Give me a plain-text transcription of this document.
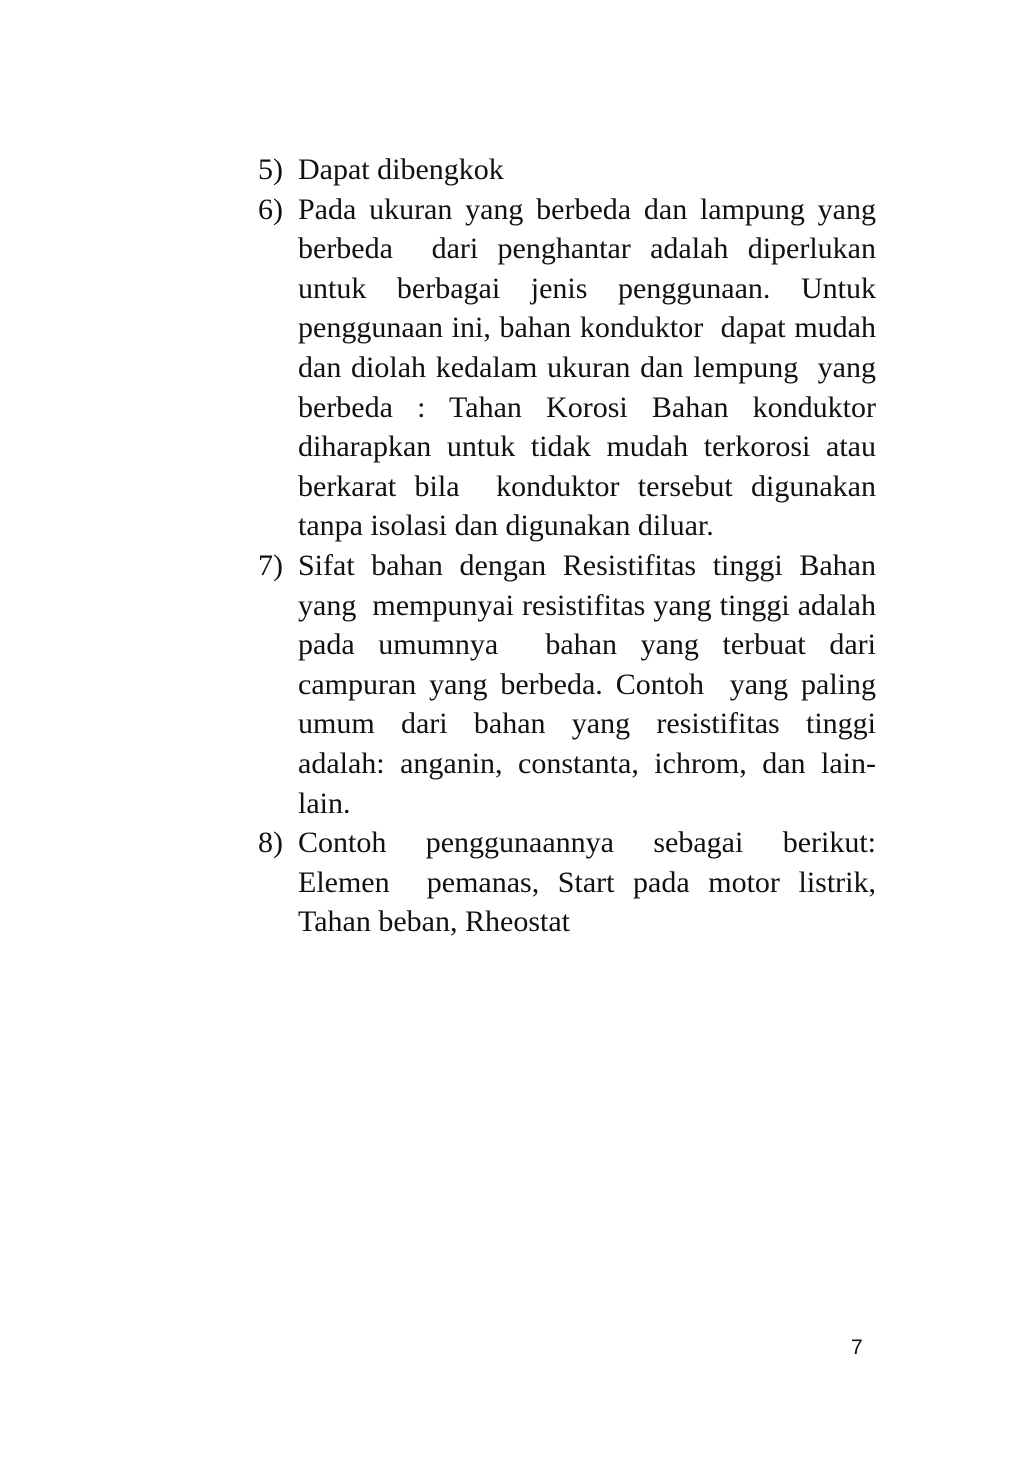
5) Dapat dibengkok
6) Pada ukuran yang berbeda dan lampung yang berbeda  dari penghantar adalah diperlukan untuk berbagai jenis penggunaan. Untuk penggunaan ini, bahan konduktor  dapat mudah dan diolah kedalam ukuran dan lempung  yang berbeda : Tahan Korosi Bahan konduktor diharapkan untuk tidak mudah terkorosi atau berkarat bila  konduktor tersebut digunakan tanpa isolasi dan digunakan diluar.
7) Sifat bahan dengan Resistifitas tinggi Bahan yang  mempunyai resistifitas yang tinggi adalah pada umumnya  bahan yang terbuat dari campuran yang berbeda. Contoh  yang paling umum dari bahan yang resistifitas tinggi  adalah: anganin, constanta, ichrom, dan lain-lain.
8) Contoh penggunaannya sebagai berikut: Elemen  pemanas, Start pada motor listrik, Tahan beban, Rheostat
7
